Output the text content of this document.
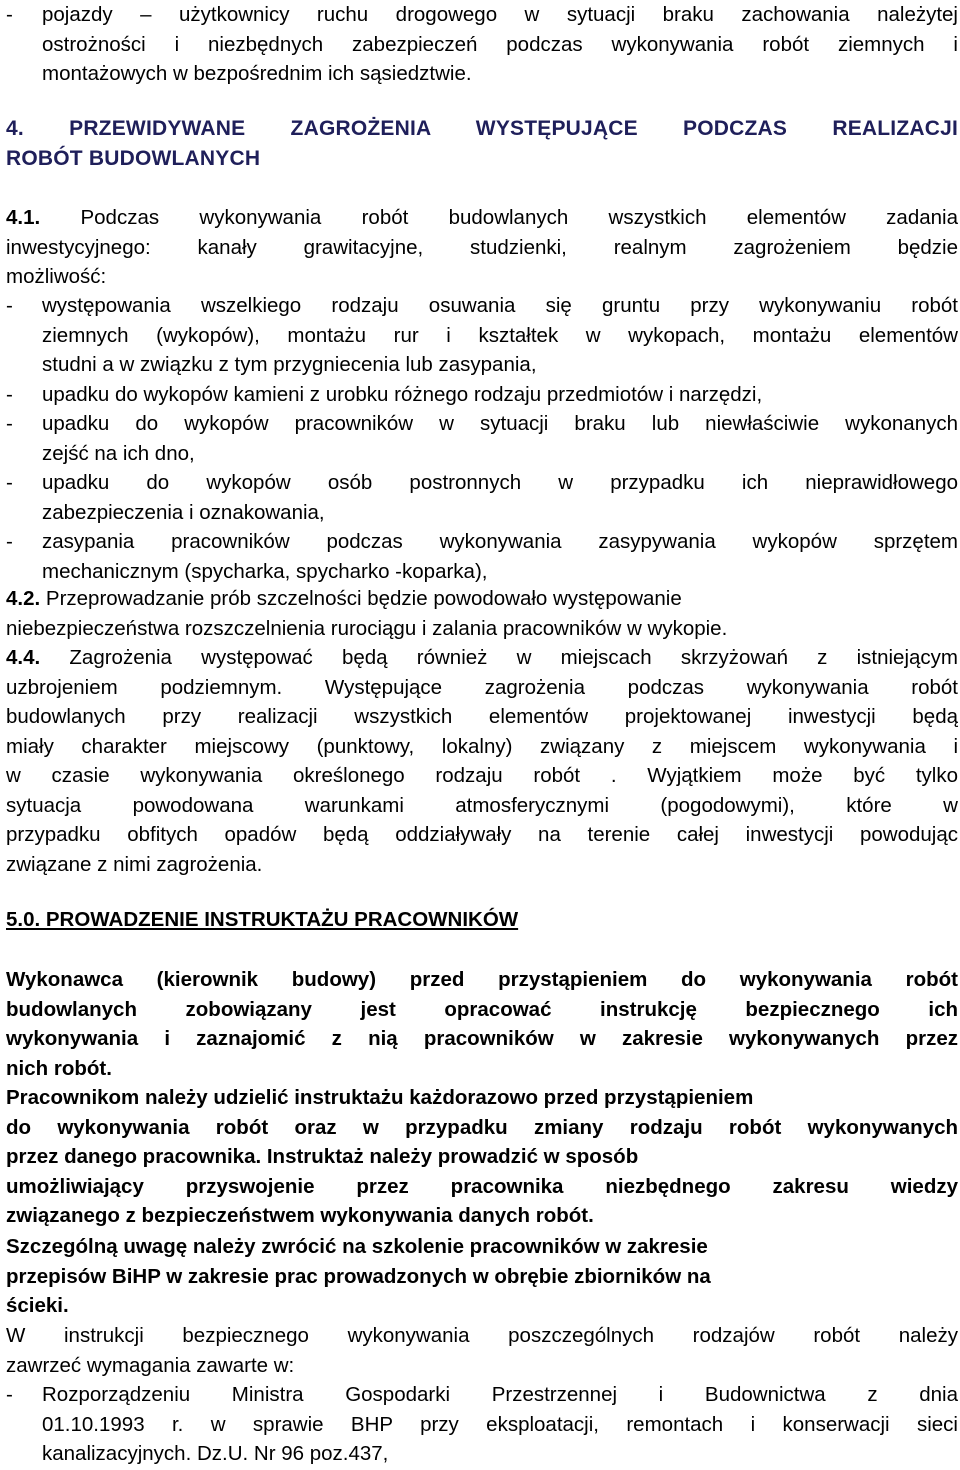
-	pojazdy – użytkownicy ruchu drogowego w sytuacji braku zachowania należytej
ostrożności i niezbędnych zabezpieczeń podczas wykonywania robót ziemnych i
montażowych w bezpośrednim ich sąsiedztwie.
4. PRZEWIDYWANE ZAGROŻENIA WYSTĘPUJĄCE PODCZAS REALIZACJI
ROBÓT BUDOWLANYCH
4.1. Podczas wykonywania robót budowlanych wszystkich elementów zadania
inwestycyjnego: kanały grawitacyjne, studzienki, realnym zagrożeniem będzie
możliwość:
-	występowania wszelkiego rodzaju osuwania się gruntu przy wykonywaniu robót
ziemnych (wykopów), montażu rur i kształtek w wykopach, montażu elementów
studni a w związku z tym przygniecenia lub zasypania,
-	upadku do wykopów kamieni z urobku różnego rodzaju przedmiotów i narzędzi,
-	upadku do wykopów pracowników w sytuacji braku lub niewłaściwie wykonanych
zejść na ich dno,
-	upadku do wykopów osób postronnych w przypadku ich nieprawidłowego
zabezpieczenia i oznakowania,
-	zasypania pracowników podczas wykonywania zasypywania wykopów sprzętem
mechanicznym (spycharka, spycharko -koparka),
4.2. Przeprowadzanie prób szczelności będzie powodowało występowanie
niebezpieczeństwa rozszczelnienia rurociągu i zalania pracowników w wykopie.
4.4. Zagrożenia występować będą również w miejscach skrzyżowań z istniejącym
uzbrojeniem podziemnym. Występujące zagrożenia podczas wykonywania robót
budowlanych przy realizacji wszystkich elementów projektowanej inwestycji będą
miały charakter miejscowy (punktowy, lokalny) związany z miejscem wykonywania i
w czasie wykonywania określonego rodzaju robót . Wyjątkiem może być tylko
sytuacja powodowana warunkami atmosferycznymi (pogodowymi), które w
przypadku obfitych opadów będą oddziaływały na terenie całej inwestycji powodując
związane z nimi zagrożenia.
5.0. PROWADZENIE INSTRUKTAŻU PRACOWNIKÓW
Wykonawca (kierownik budowy) przed przystąpieniem do wykonywania robót
budowlanych zobowiązany jest opracować instrukcję bezpiecznego ich
wykonywania i zaznajomić z nią pracowników w zakresie wykonywanych przez
nich robót.
Pracownikom należy udzielić instruktażu każdorazowo przed przystąpieniem
do wykonywania robót oraz w przypadku zmiany rodzaju robót wykonywanych
przez danego pracownika. Instruktaż należy prowadzić w sposób
umożliwiający przyswojenie przez pracownika niezbędnego zakresu wiedzy
związanego z bezpieczeństwem wykonywania danych robót.
Szczególną uwagę należy zwrócić na szkolenie pracowników w zakresie
przepisów BiHP w zakresie prac prowadzonych w obrębie zbiorników na
ścieki.
W instrukcji bezpiecznego wykonywania poszczególnych rodzajów robót należy
zawrzeć wymagania zawarte w:
-	Rozporządzeniu Ministra Gospodarki Przestrzennej i Budownictwa z dnia
01.10.1993 r. w sprawie BHP przy eksploatacji, remontach i konserwacji sieci
kanalizacyjnych. Dz.U. Nr 96 poz.437,
